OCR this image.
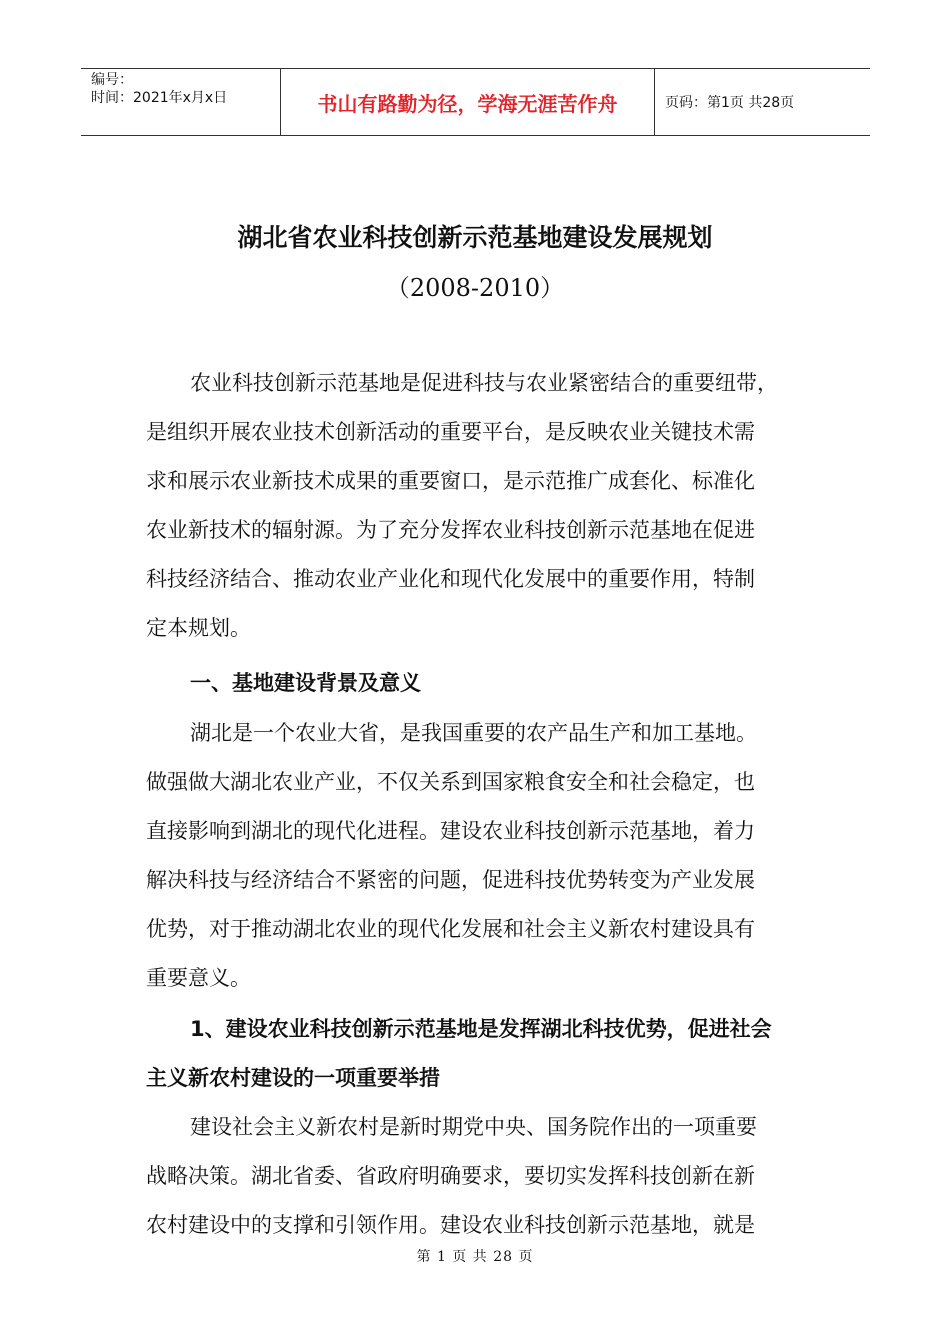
编号：
时间：2021年x月x日	书山有路勤为径，学海无涯苦作舟	页码：第1页 共28页
湖北省农业科技创新示范基地建设发展规划
（2008-2010）
农业科技创新示范基地是促进科技与农业紧密结合的重要纽带，
是组织开展农业技术创新活动的重要平台，是反映农业关键技术需
求和展示农业新技术成果的重要窗口，是示范推广成套化、标准化
农业新技术的辐射源。为了充分发挥农业科技创新示范基地在促进
科技经济结合、推动农业产业化和现代化发展中的重要作用，特制
定本规划。
一、基地建设背景及意义
湖北是一个农业大省，是我国重要的农产品生产和加工基地。
做强做大湖北农业产业，不仅关系到国家粮食安全和社会稳定，也
直接影响到湖北的现代化进程。建设农业科技创新示范基地，着力
解决科技与经济结合不紧密的问题，促进科技优势转变为产业发展
优势，对于推动湖北农业的现代化发展和社会主义新农村建设具有
重要意义。
1、建设农业科技创新示范基地是发挥湖北科技优势，促进社会
主义新农村建设的一项重要举措
建设社会主义新农村是新时期党中央、国务院作出的一项重要
战略决策。湖北省委、省政府明确要求，要切实发挥科技创新在新
农村建设中的支撑和引领作用。建设农业科技创新示范基地，就是
第 1 页 共 28 页
